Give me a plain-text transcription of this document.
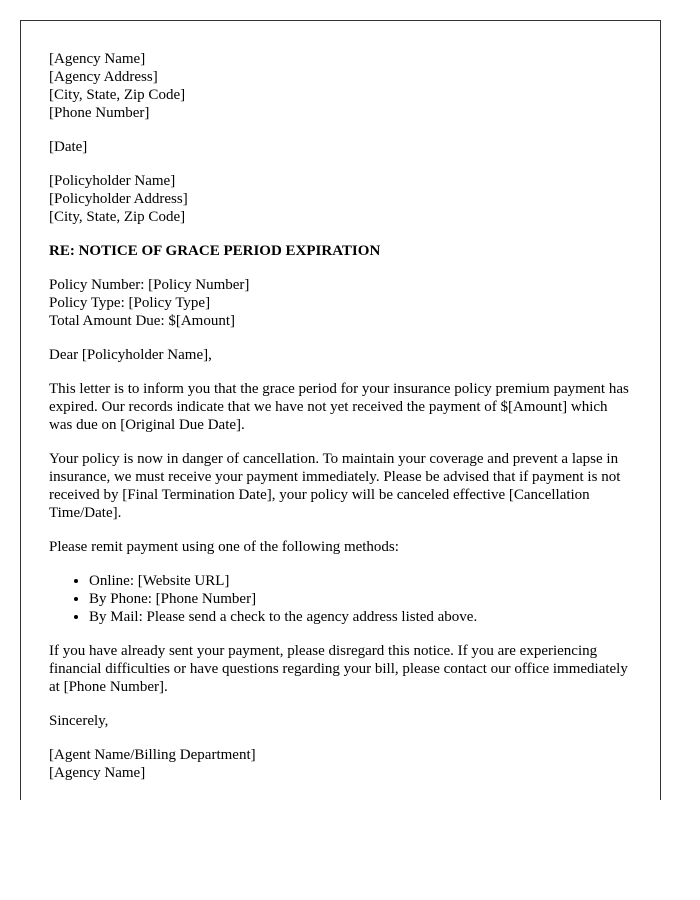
[Agency Name]
[Agency Address]
[City, State, Zip Code]
[Phone Number]
[Date]
[Policyholder Name]
[Policyholder Address]
[City, State, Zip Code]
RE: NOTICE OF GRACE PERIOD EXPIRATION
Policy Number: [Policy Number]
Policy Type: [Policy Type]
Total Amount Due: $[Amount]
Dear [Policyholder Name],

This letter is to inform you that the grace period for your insurance policy premium payment has expired. Our records indicate that we have not yet received the payment of $[Amount] which was due on [Original Due Date].

Your policy is now in danger of cancellation. To maintain your coverage and prevent a lapse in insurance, we must receive your payment immediately. Please be advised that if payment is not received by [Final Termination Date], your policy will be canceled effective [Cancellation Time/Date].

Please remit payment using one of the following methods:

• Online: [Website URL]
• By Phone: [Phone Number]
• By Mail: Please send a check to the agency address listed above.

If you have already sent your payment, please disregard this notice. If you are experiencing financial difficulties or have questions regarding your bill, please contact our office immediately at [Phone Number].

Sincerely,
[Agent Name/Billing Department]
[Agency Name]
